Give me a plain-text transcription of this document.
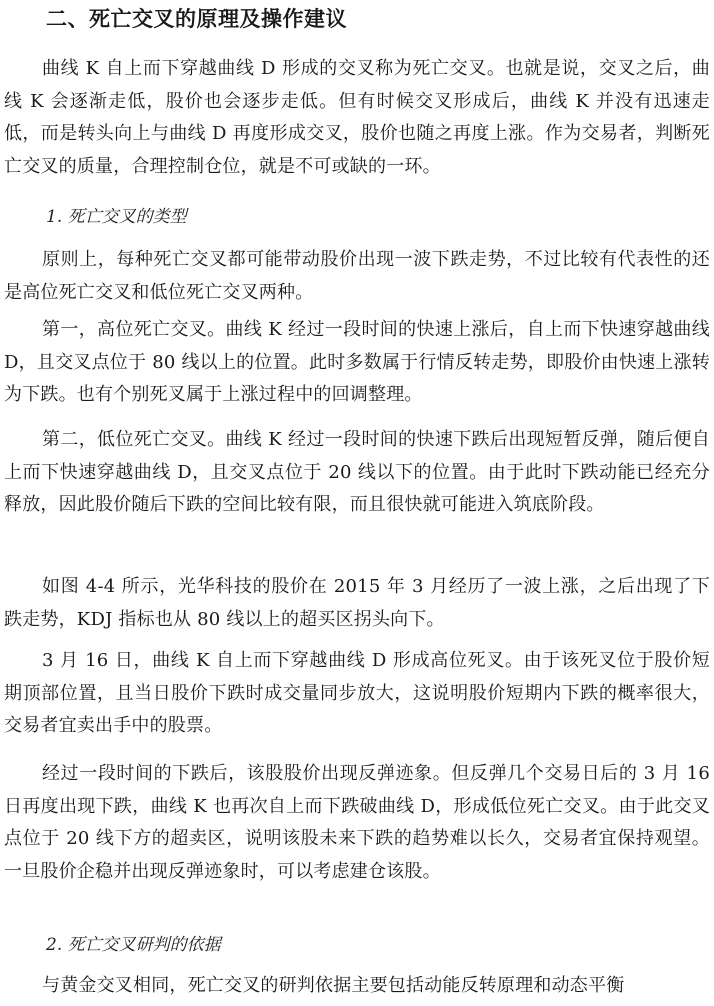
二、死亡交叉的原理及操作建议
曲线 K 自上而下穿越曲线 D 形成的交叉称为死亡交叉。也就是说，交叉之后，曲线 K 会逐渐走低，股价也会逐步走低。但有时候交叉形成后，曲线 K 并没有迅速走低，而是转头向上与曲线 D 再度形成交叉，股价也随之再度上涨。作为交易者，判断死亡交叉的质量，合理控制仓位，就是不可或缺的一环。
1. 死亡交叉的类型
原则上，每种死亡交叉都可能带动股价出现一波下跌走势，不过比较有代表性的还是高位死亡交叉和低位死亡交叉两种。
第一，高位死亡交叉。曲线 K 经过一段时间的快速上涨后，自上而下快速穿越曲线 D，且交叉点位于 80 线以上的位置。此时多数属于行情反转走势，即股价由快速上涨转为下跌。也有个别死叉属于上涨过程中的回调整理。
第二，低位死亡交叉。曲线 K 经过一段时间的快速下跌后出现短暂反弹，随后便自上而下快速穿越曲线 D，且交叉点位于 20 线以下的位置。由于此时下跌动能已经充分释放，因此股价随后下跌的空间比较有限，而且很快就可能进入筑底阶段。
如图 4-4 所示，光华科技的股价在 2015 年 3 月经历了一波上涨，之后出现了下跌走势，KDJ 指标也从 80 线以上的超买区拐头向下。
3 月 16 日，曲线 K 自上而下穿越曲线 D 形成高位死叉。由于该死叉位于股价短期顶部位置，且当日股价下跌时成交量同步放大，这说明股价短期内下跌的概率很大，交易者宜卖出手中的股票。
经过一段时间的下跌后，该股股价出现反弹迹象。但反弹几个交易日后的 3 月 16 日再度出现下跌，曲线 K 也再次自上而下跌破曲线 D，形成低位死亡交叉。由于此交叉点位于 20 线下方的超卖区，说明该股未来下跌的趋势难以长久，交易者宜保持观望。一旦股价企稳并出现反弹迹象时，可以考虑建仓该股。
2. 死亡交叉研判的依据
与黄金交叉相同，死亡交叉的研判依据主要包括动能反转原理和动态平衡
